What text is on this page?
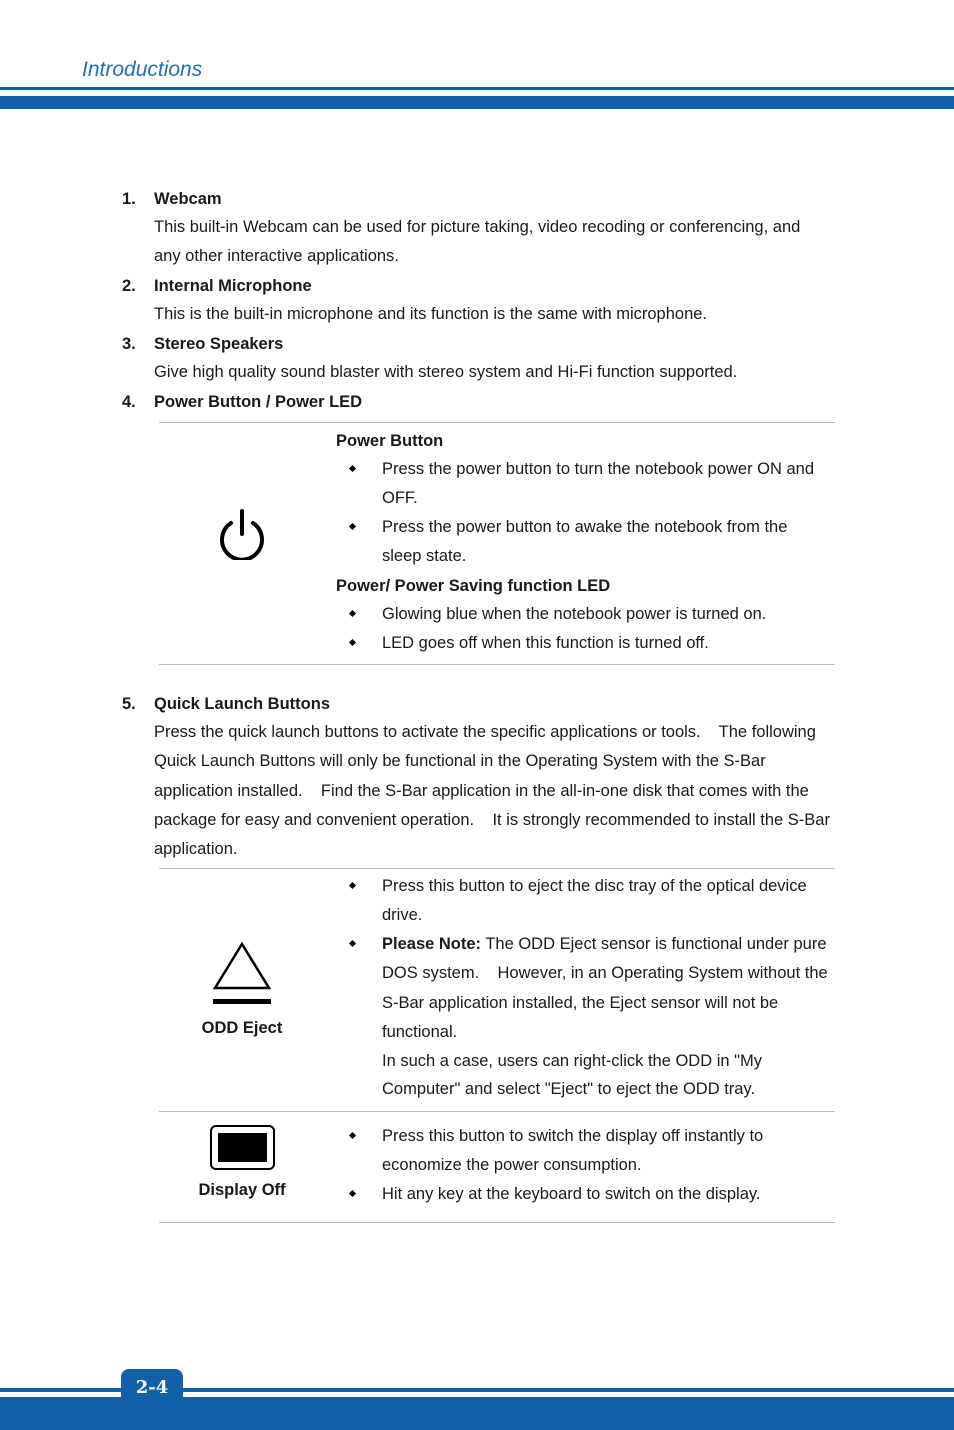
Introductions
1. Webcam
This built-in Webcam can be used for picture taking, video recoding or conferencing, and any other interactive applications.
2. Internal Microphone
This is the built-in microphone and its function is the same with microphone.
3. Stereo Speakers
Give high quality sound blaster with stereo system and Hi-Fi function supported.
4. Power Button / Power LED
Power Button
Press the power button to turn the notebook power ON and OFF.
Press the power button to awake the notebook from the sleep state.
Power/ Power Saving function LED
Glowing blue when the notebook power is turned on.
LED goes off when this function is turned off.
5. Quick Launch Buttons
Press the quick launch buttons to activate the specific applications or tools.    The following Quick Launch Buttons will only be functional in the Operating System with the S-Bar application installed.    Find the S-Bar application in the all-in-one disk that comes with the package for easy and convenient operation.    It is strongly recommended to install the S-Bar application.
ODD Eject
Press this button to eject the disc tray of the optical device drive.
Please Note: The ODD Eject sensor is functional under pure DOS system.    However, in an Operating System without the S-Bar application installed, the Eject sensor will not be functional.
In such a case, users can right-click the ODD in "My Computer" and select "Eject" to eject the ODD tray.
Display Off
Press this button to switch the display off instantly to economize the power consumption.
Hit any key at the keyboard to switch on the display.
2-4
